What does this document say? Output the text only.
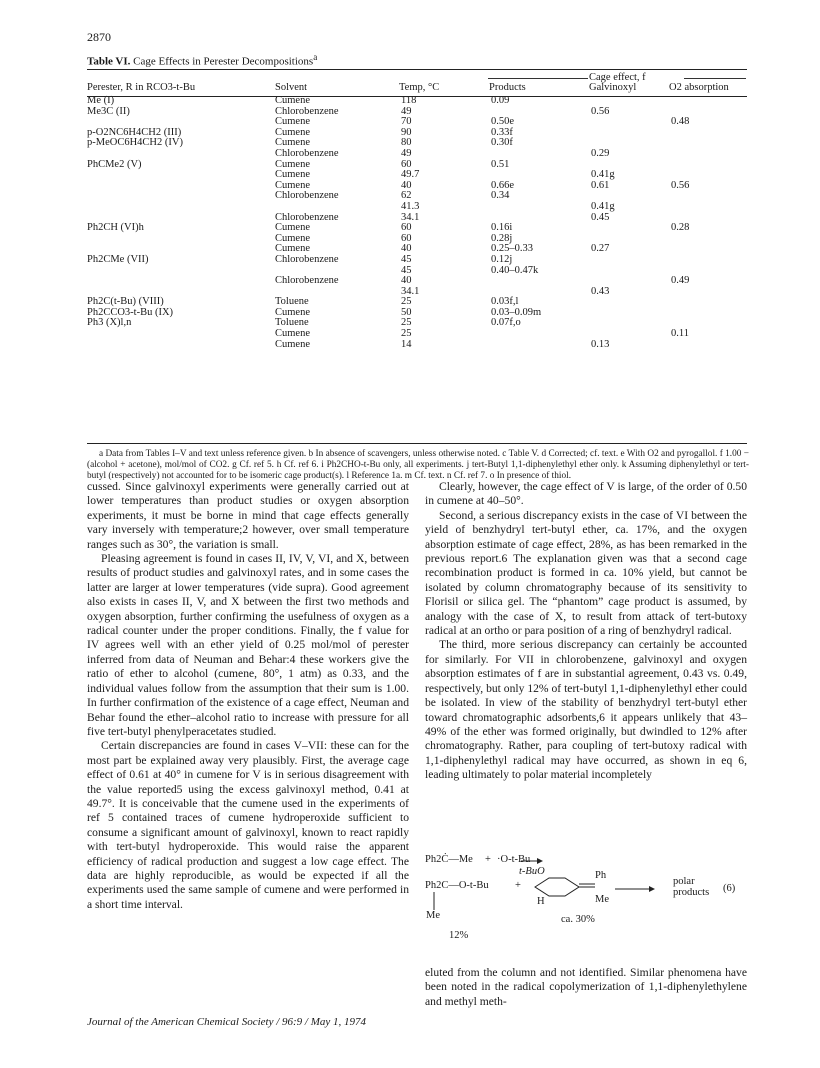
2870
Table VI. Cage Effects in Perester Decompositions$^a$
Cage effect, f
Perester, R in RCO3-t-Bu	Solvent	Temp, °C	Products	Galvinoxyl	O2 absorption
Me (I)	Cumene	118	0.09		
Me3C (II)	Chlorobenzene	49		0.56	
	Cumene	70	0.50e		0.48
p-O2NC6H4CH2 (III)	Cumene	90	0.33f		
p-MeOC6H4CH2 (IV)	Cumene	80	0.30f		
	Chlorobenzene	49		0.29	
PhCMe2 (V)	Cumene	60	0.51		
	Cumene	49.7		0.41g	
	Cumene	40	0.66e	0.61	0.56
	Chlorobenzene	62	0.34		
		41.3		0.41g	
	Chlorobenzene	34.1		0.45	
Ph2CH (VI)h	Cumene	60	0.16i		0.28
	Cumene	60	0.28j		
	Cumene	40	0.25–0.33	0.27	
Ph2CMe (VII)	Chlorobenzene	45	0.12j		
		45	0.40–0.47k		
	Chlorobenzene	40			0.49
		34.1		0.43	
Ph2C(t-Bu) (VIII)	Toluene	25	0.03f,l		
Ph2CCO3-t-Bu (IX)	Cumene	50	0.03–0.09m		
Ph3 (X)l,n	Toluene	25	0.07f,o		
	Cumene	25			0.11
	Cumene	14		0.13	
a Data from Tables I–V and text unless reference given. b In absence of scavengers, unless otherwise noted. c Table V. d Corrected; cf. text. e With O2 and pyrogallol. f 1.00 − (alcohol + acetone), mol/mol of CO2. g Cf. ref 5. h Cf. ref 6. i Ph2CHO-t-Bu only, all experiments. j tert-Butyl 1,1-diphenylethyl ether only. k Assuming diphenylethyl or tert-butyl (respectively) not accounted for to be isomeric cage product(s). l Reference 1a. m Cf. text. n Cf. ref 7. o In presence of thiol.

cussed. Since galvinoxyl experiments were generally carried out at lower temperatures than product studies or oxygen absorption experiments, it must be borne in mind that cage effects generally vary inversely with temperature;2 however, over small temperature ranges such as 30°, the variation is small.

Pleasing agreement is found in cases II, IV, V, VI, and X, between results of product studies and galvinoxyl rates, and in some cases the latter are larger at lower temperatures (vide supra). Good agreement also exists in cases II, V, and X between the first two methods and oxygen absorption, further confirming the usefulness of oxygen as a radical counter under the proper conditions. Finally, the f value for IV agrees well with an ether yield of 0.25 mol/mol of perester inferred from data of Neuman and Behar:4 these workers give the ratio of ether to alcohol (cumene, 80°, 1 atm) as 0.33, and the individual values follow from the assumption that their sum is 1.00. In further confirmation of the existence of a cage effect, Neuman and Behar found the ether–alcohol ratio to increase with pressure for all five tert-butyl phenylperacetates studied.

Certain discrepancies are found in cases V–VII: these can for the most part be explained away very plausibly. First, the average cage effect of 0.61 at 40° in cumene for V is in serious disagreement with the value reported5 using the excess galvinoxyl method, 0.41 at 49.7°. It is conceivable that the cumene used in the experiments of ref 5 contained traces of cumene hydroperoxide sufficient to consume a significant amount of galvinoxyl, known to react rapidly with tert-butyl hydroperoxide. This would raise the apparent efficiency of radical production and suggest a low cage effect. The data are highly reproducible, as would be expected if all the experiments used the same sample of cumene and were performed in a short time interval.

Clearly, however, the cage effect of V is large, of the order of 0.50 in cumene at 40–50°.

Second, a serious discrepancy exists in the case of VI between the yield of benzhydryl tert-butyl ether, ca. 17%, and the oxygen absorption estimate of cage effect, 28%, as has been remarked in the previous report.6 The explanation given was that a second cage recombination product is formed in ca. 10% yield, but cannot be isolated by column chromatography because of its sensitivity to Florisil or silica gel. The “phantom” cage product is assumed, by analogy with the case of X, to result from attack of tert-butoxy radical at an ortho or para position of a ring of benzhydryl radical.

The third, more serious discrepancy can certainly be accounted for similarly. For VII in chlorobenzene, galvinoxyl and oxygen absorption estimates of f are in substantial agreement, 0.43 vs. 0.49, respectively, but only 12% of tert-butyl 1,1-diphenylethyl ether could be isolated. In view of the stability of benzhydryl tert-butyl ether toward chromatographic adsorbents,6 it appears unlikely that 43–49% of the ether was formed originally, but dwindled to 12% after chromatography. Rather, para coupling of tert-butoxy radical with 1,1-diphenylethyl radical may have occurred, as shown in eq 6, leading ultimately to polar material incompletely

Ph2Ċ—Me + ·O-t-Bu
Ph2C—O-t-Bu	+
Me
12%
t-BuO	Ph
H	Me
ca. 30%
polar
products (6)
eluted from the column and not identified. Similar phenomena have been noted in the radical copolymerization of 1,1-diphenylethylene and methyl meth-
Journal of the American Chemical Society / 96:9 / May 1, 1974
